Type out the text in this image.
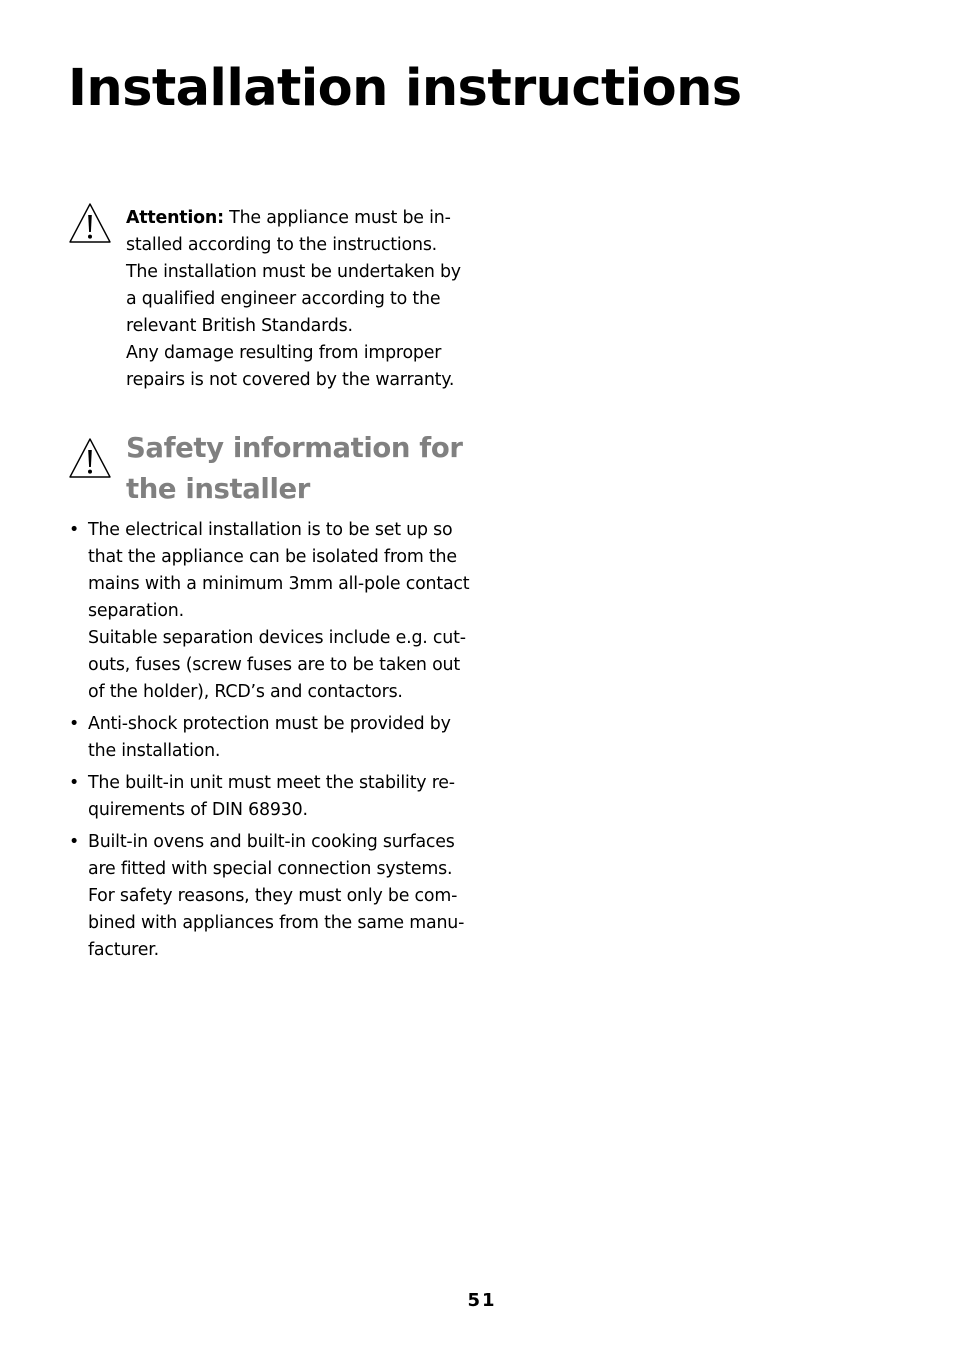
Installation instructions

Attention: The appliance must be in-

stalled according to the instructions.

The installation must be undertaken by

a qualified engineer according to the

relevant British Standards.

Any damage resulting from improper

repairs is not covered by the warranty.

Safety information for
the installer
• The electrical installation is to be set up so
that the appliance can be isolated from the
mains with a minimum 3mm all-pole contact
separation.
Suitable separation devices include e.g. cut-
outs, fuses (screw fuses are to be taken out
of the holder), RCD’s and contactors.
• Anti-shock protection must be provided by
the installation.
• The built-in unit must meet the stability re-
quirements of DIN 68930.
• Built-in ovens and built-in cooking surfaces
are fitted with special connection systems.
For safety reasons, they must only be com-
bined with appliances from the same manu-
facturer.
51
